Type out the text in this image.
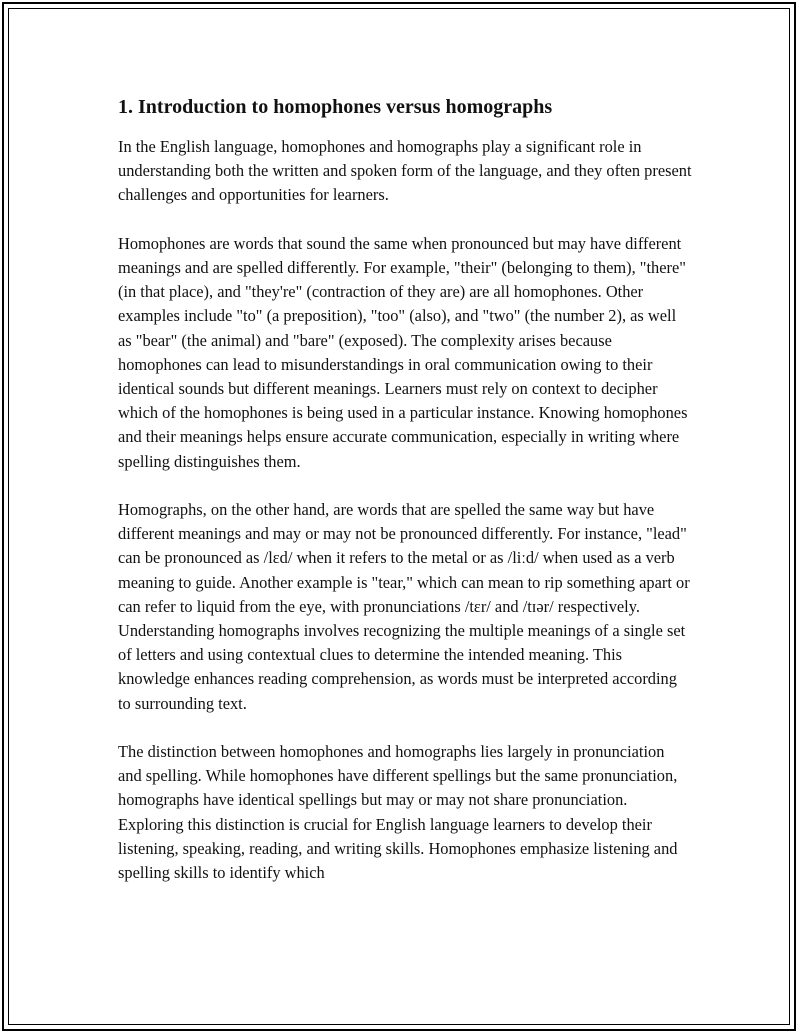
1. Introduction to homophones versus homographs

In the English language, homophones and homographs play a significant role in understanding both the written and spoken form of the language, and they often present challenges and opportunities for learners.

Homophones are words that sound the same when pronounced but may have different meanings and are spelled differently. For example, "their" (belonging to them), "there" (in that place), and "they're" (contraction of they are) are all homophones. Other examples include "to" (a preposition), "too" (also), and "two" (the number 2), as well as "bear" (the animal) and "bare" (exposed). The complexity arises because homophones can lead to misunderstandings in oral communication owing to their identical sounds but different meanings. Learners must rely on context to decipher which of the homophones is being used in a particular instance. Knowing homophones and their meanings helps ensure accurate communication, especially in writing where spelling distinguishes them.

Homographs, on the other hand, are words that are spelled the same way but have different meanings and may or may not be pronounced differently. For instance, "lead" can be pronounced as /lɛd/ when it refers to the metal or as /liːd/ when used as a verb meaning to guide. Another example is "tear," which can mean to rip something apart or can refer to liquid from the eye, with pronunciations /tɛr/ and /tɪər/ respectively. Understanding homographs involves recognizing the multiple meanings of a single set of letters and using contextual clues to determine the intended meaning. This knowledge enhances reading comprehension, as words must be interpreted according to surrounding text.

The distinction between homophones and homographs lies largely in pronunciation and spelling. While homophones have different spellings but the same pronunciation, homographs have identical spellings but may or may not share pronunciation. Exploring this distinction is crucial for English language learners to develop their listening, speaking, reading, and writing skills. Homophones emphasize listening and spelling skills to identify which
